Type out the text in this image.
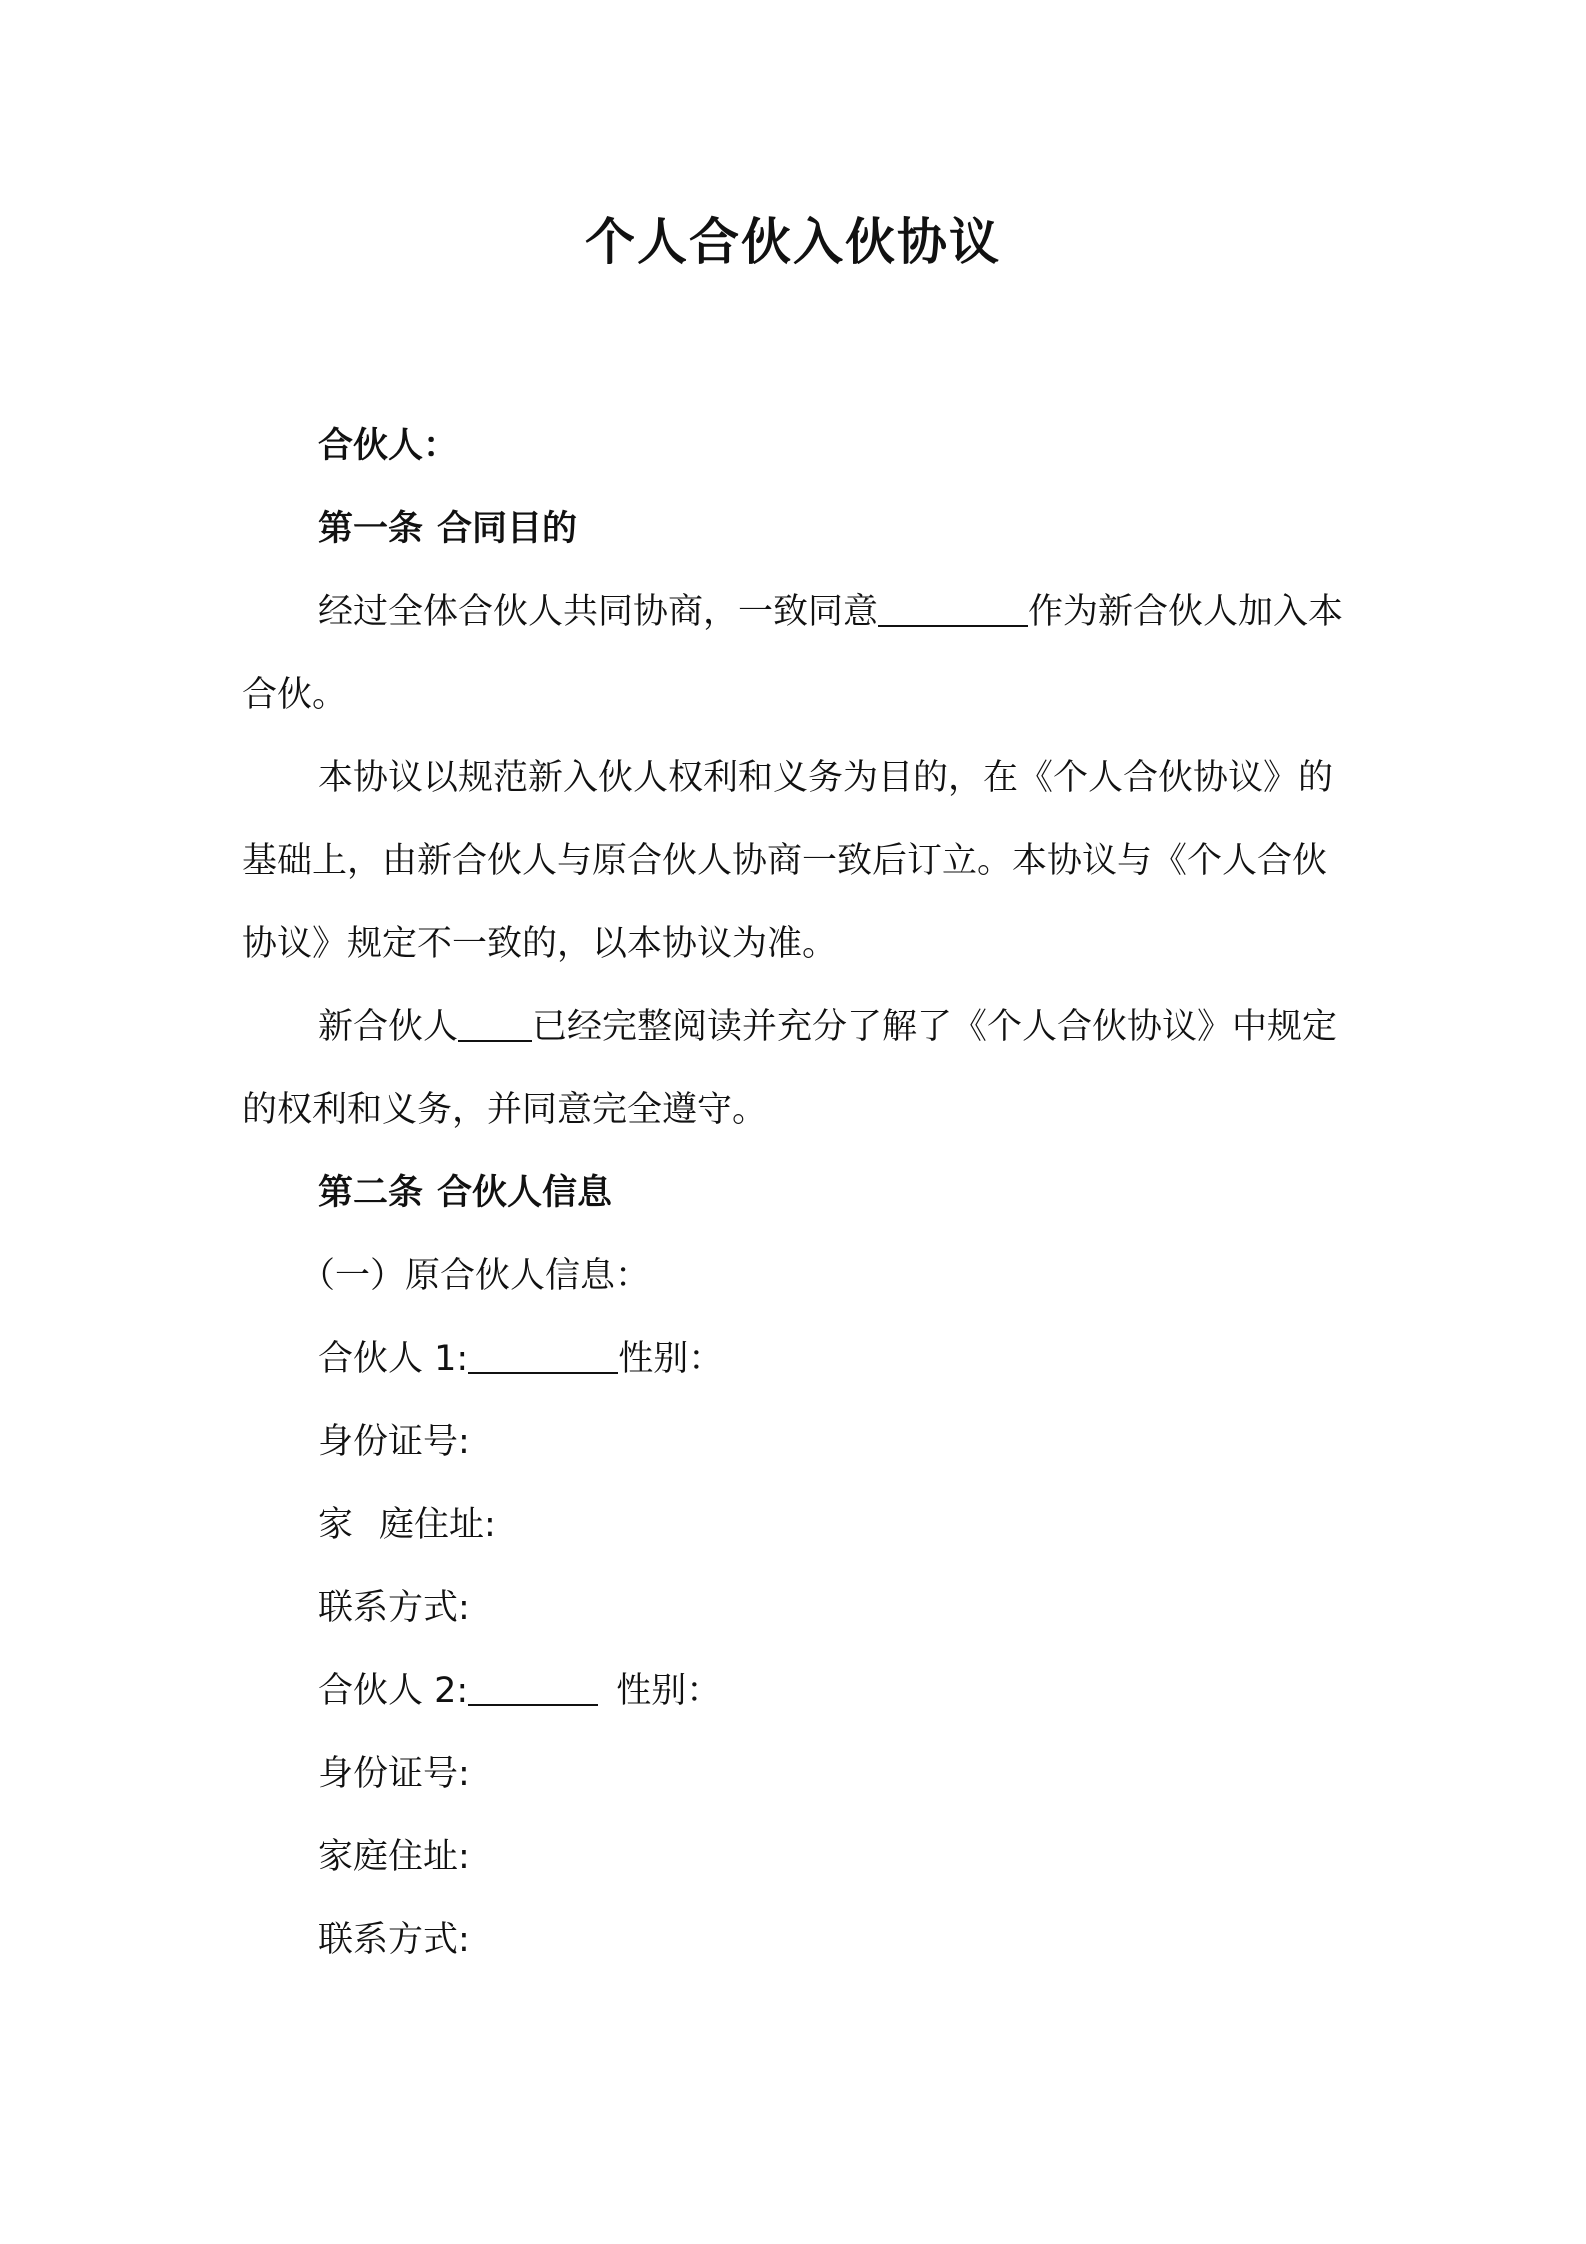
个人合伙入伙协议

合伙人：

第一条 合同目的

经过全体合伙人共同协商，一致同意	作为新合伙人加入本合伙。

本协议以规范新入伙人权利和义务为目的，在《个人合伙协议》的基础上，由新合伙人与原合伙人协商一致后订立。本协议与《个人合伙协议》规定不一致的，以本协议为准。

新合伙人 已经完整阅读并充分了解了《个人合伙协议》中规定的权利和义务，并同意完全遵守。

第二条 合伙人信息

（一）原合伙人信息：

合伙人 1:	性别：

身份证号:

家 庭住址:

联系方式:

合伙人 2:	性别：

身份证号:

家庭住址:

联系方式:
